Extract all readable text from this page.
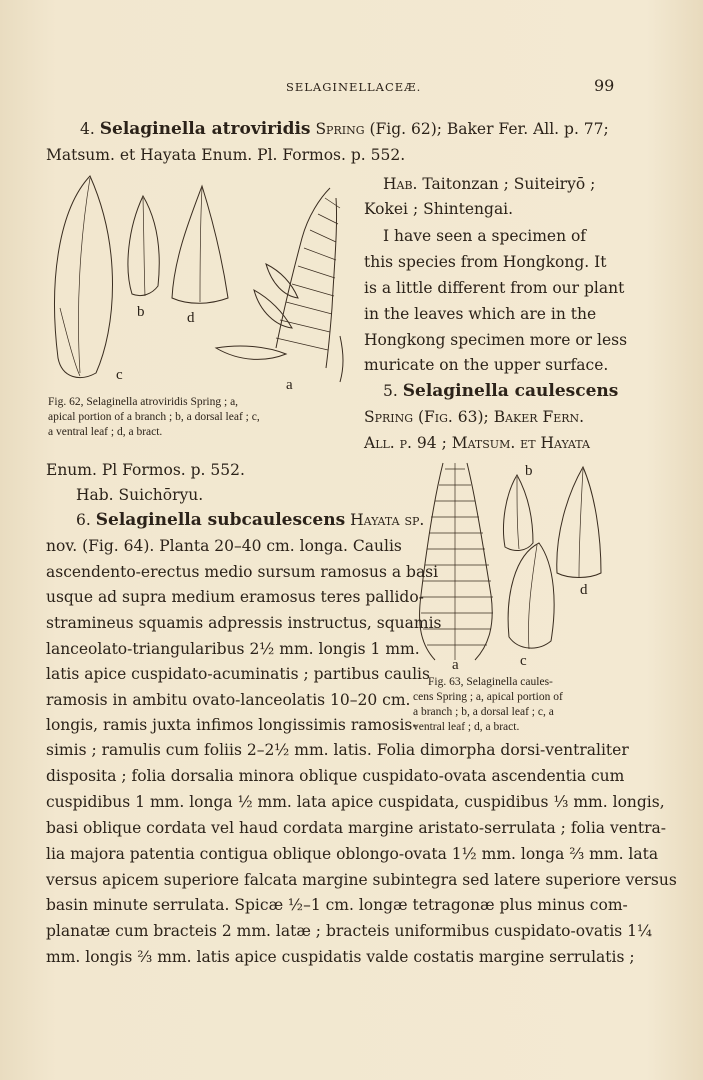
SELAGINELLACEÆ.	99
4. Selaginella atroviridis Spring (Fig. 62); Baker Fer. All. p. 77;
Matsum. et Hayata Enum. Pl. Formos. p. 552.
Hab. Taitonzan ; Suiteiryō ;
Kokei ; Shintengai.
I have seen a specimen of
this species from Hongkong. It
is a little different from our plant
in the leaves which are in the
Hongkong specimen more or less
muricate on the upper surface.
b	d
c
a
Fig. 62, Selaginella atroviridis Spring ; a,
apical portion of a branch ; b, a dorsal leaf ; c,
a ventral leaf ; d, a bract.
5. Selaginella caulescens
Spring (Fig. 63); Baker Fern.
All. p. 94 ; Matsum. et Hayata
Enum. Pl Formos. p. 552.
Hab. Suichōryu.
b
d
a	c
Fig. 63, Selaginella caules-
cens Spring ; a, apical portion of
a branch ; b, a dorsal leaf ; c, a
ventral leaf ; d, a bract.
6. Selaginella subcaulescens Hayata sp.
nov. (Fig. 64). Planta 20–40 cm. longa. Caulis
ascendento-erectus medio sursum ramosus a basi
usque ad supra medium eramosus teres pallido-
stramineus squamis adpressis instructus, squamis
lanceolato-triangularibus 2½ mm. longis 1 mm.
latis apice cuspidato-acuminatis ; partibus caulis
ramosis in ambitu ovato-lanceolatis 10–20 cm.
longis, ramis juxta infimos longissimis ramosis-
simis ; ramulis cum foliis 2–2½ mm. latis. Folia dimorpha dorsi-ventraliter
disposita ; folia dorsalia minora oblique cuspidato-ovata ascendentia cum
cuspidibus 1 mm. longa ½ mm. lata apice cuspidata, cuspidibus ⅓ mm. longis,
basi oblique cordata vel haud cordata margine aristato-serrulata ; folia ventra-
lia majora patentia contigua oblique oblongo-ovata 1½ mm. longa ⅔ mm. lata
versus apicem superiore falcata margine subintegra sed latere superiore versus
basin minute serrulata. Spicæ ½–1 cm. longæ tetragonæ plus minus com-
planatæ cum bracteis 2 mm. latæ ; bracteis uniformibus cuspidato-ovatis 1¼
mm. longis ⅔ mm. latis apice cuspidatis valde costatis margine serrulatis ;
